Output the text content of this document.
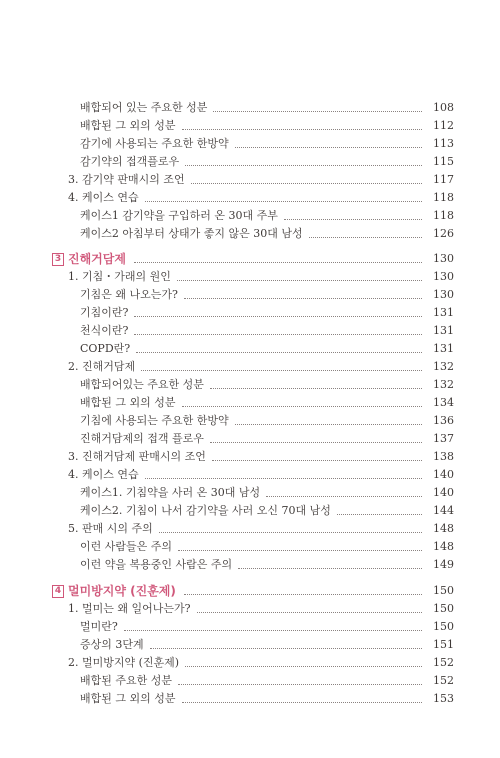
배합되어 있는 주요한 성분	108
배합된 그 외의 성분	112
감기에 사용되는 주요한 한방약	113
감기약의 접객플로우	115
3. 감기약 판매시의 조언	117
4. 케이스 연습	118
케이스1 감기약을 구입하러 온 30대 주부	118
케이스2 아침부터 상태가 좋지 않은 30대 남성	126
3 진해거담제	130
1. 기침・가래의 원인	130
기침은 왜 나오는가?	130
기침이란?	131
천식이란?	131
COPD란?	131
2. 진해거담제	132
배합되어있는 주요한 성분	132
배합된 그 외의 성분	134
기침에 사용되는 주요한 한방약	136
진해거담제의 접객 플로우	137
3. 진해거담제 판매시의 조언	138
4. 케이스 연습	140
케이스1. 기침약을 사러 온 30대 남성	140
케이스2. 기침이 나서 감기약을 사러 오신 70대 남성	144
5. 판매 시의 주의	148
이런 사람들은 주의	148
이런 약을 복용중인 사람은 주의	149
4 멀미방지약 (진훈제)	150
1. 멀미는 왜 일어나는가?	150
멀미란?	150
증상의 3단계	151
2. 멀미방지약 (진훈제)	152
배합된 주요한 성분	152
배합된 그 외의 성분	153
